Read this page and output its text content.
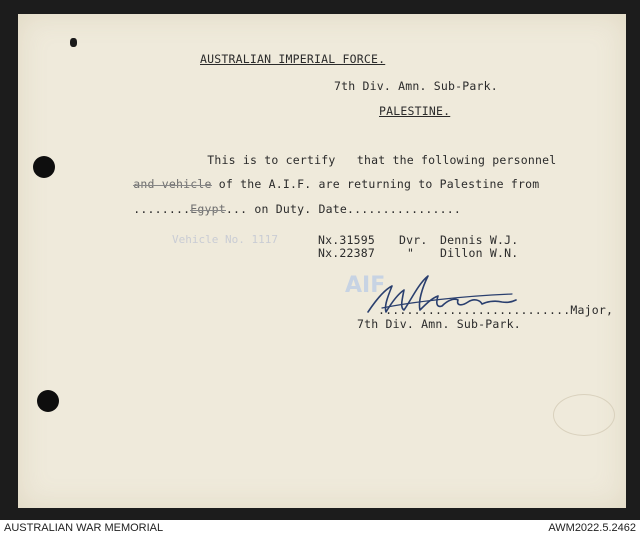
AUSTRALIAN IMPERIAL FORCE.
7th Div. Amn. Sub-Park.
PALESTINE.

This is to certify that the following personnel

and vehicle of the A.I.F. are returning to Palestine from

........Egypt... on Duty. Date................

Vehicle No. 1117	Nx.31595 Dvr. Dennis W.J.
Nx.22387	" Dillon W.N.
AIF
...........................Major,
7th Div. Amn. Sub-Park.
AUSTRALIAN WAR MEMORIAL	AWM2022.5.2462
